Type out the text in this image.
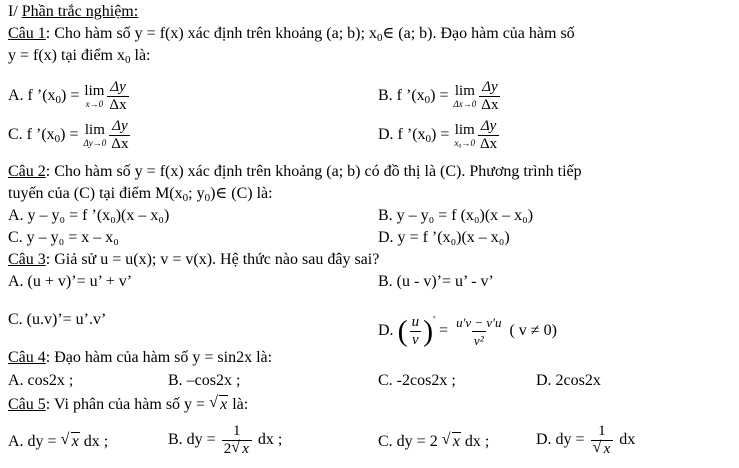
I/ Phần trắc nghiệm:
Câu 1: Cho hàm số y = f(x) xác định trên khoảng (a; b); $x_0\in$ (a; b). Đạo hàm của hàm số
y = f(x) tại điểm $x_0$ là:
A. f $’(x_0) = \lim$
$x\to 0 \frac{\Delta y}{\Delta x}$	B. f $’(x_0) = \lim$
$\Delta x\to 0 \frac{\Delta y}{\Delta x}$
C. f $’(x_0) = \lim$
$\Delta y\to 0 \frac{\Delta y}{\Delta x}$	D. f $’(x_0) = \lim$
$x_0\to 0 \frac{\Delta y}{\Delta x}$
Câu 2: Cho hàm số y = f(x) xác định trên khoảng (a; b) có đồ thị là (C). Phương trình tiếp
tuyến của (C) tại điểm $M(x_0$; $y_0)\in$ (C) là:
A. y – y₀ = f ’(x₀)(x – x₀)	B. y – y₀ = f (x₀)(x – x₀)
C. y – y₀ = x – x₀	D. y = f ’(x₀)(x – x₀)
Câu 3: Giả sử u = u(x); v = v(x). Hệ thức nào sau đây sai?
A. (u + v)’= u’ + v’	B. (u - v)’= u’ - v’
C. (u.v)’= u’.v’
D. ( $\frac{u}{v} )' = \frac{u'v - v'u}{\text{v²}}$ ( v ≠ 0)
Câu 4: Đạo hàm của hàm số y = sin2x là:
A. cos2x ;	B. –cos2x ;	C. -2cos2x ;	D. 2cos2x
Câu 5: Vi phân của hàm số y = √ x là:
A. dy = √ x dx ;	B. dy = $\frac{1}{2√ x}$ dx ;	C. dy = 2 √ x dx ;	D. dy = 1
√ x dx
